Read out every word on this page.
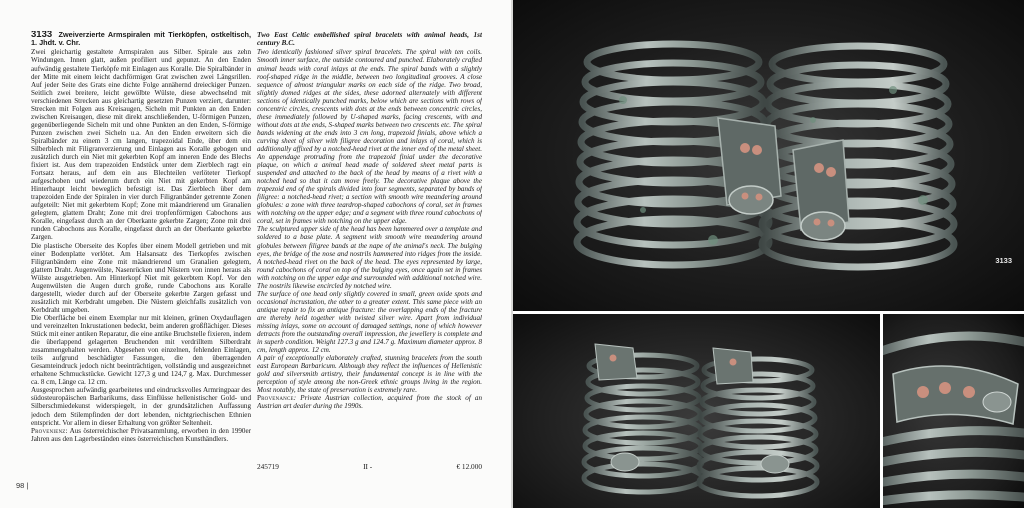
3133 Zweiverzierte Armspiralen mit Tierköpfen, ostkeltisch, 1. Jhdt. v. Chr.
Zwei gleichartig gestaltete Armspiralen aus Silber. Spirale aus zehn Windungen. Innen glatt, außen profiliert und gepunzt. An den Enden aufwändig gestaltete Tierköpfe mit Einlagen aus Koralle. Die Spiralbänder in der Mitte mit einem leicht dachförmigen Grat zwischen zwei Längsrillen. Auf jeder Seite des Grats eine dichte Folge annähernd dreieckiger Punzen. Seitlich zwei breitere, leicht gewölbte Wülste, diese abwechselnd mit verschiedenen Strecken aus gleichartig gesetzten Punzen verziert, darunter: Strecken mit Folgen aus Kreisaugen, Sicheln mit Punkten an den Enden zwischen Kreisaugen, diese mit direkt anschließenden, U-förmigen Punzen, gegenüberliegende Sicheln mit und ohne Punkten an den Enden, S-förmige Punzen zwischen zwei Sicheln u.a. An den Enden erweitern sich die Spiralbänder zu einem 3 cm langen, trapezoidal Ende, über dem ein Silberblech mit Filigranverzierung und Einlagen aus Koralle gebogen und zusätzlich durch ein Niet mit gekerbten Kopf am inneren Ende des Blechs fixiert ist. Aus dem trapezoiden Endstück unter dem Zierblech ragt ein Fortsatz heraus, auf dem ein aus Blechteilen verlöteter Tierkopf aufgeschoben und wiederum durch ein Niet mit gekerbten Kopf am Hinterhaupt leicht beweglich befestigt ist. Das Zierblech über dem trapezoiden Ende der Spiralen in vier durch Filigranbänder getrennte Zonen aufgeteilt: Niet mit gekerbtem Kopf; Zone mit mäandrierend um Granalien gelegtem, glattem Draht; Zone mit drei tropfenförmigen Cabochons aus Koralle, eingefasst durch an der Oberkante gekerbte Zargen; Zone mit drei runden Cabochons aus Koralle, eingefasst durch an der Oberkante gekerbte Zargen.
Die plastische Oberseite des Kopfes über einem Modell getrieben und mit einer Bodenplatte verlötet. Am Halsansatz des Tierkopfes zwischen Filigranbändern eine Zone mit mäandrierend um Granalien gelegtem, glattem Draht. Augenwülste, Nasenrücken und Nüstern von innen heraus als Wülste ausgetrieben. Am Hinterkopf Niet mit gekerbtem Kopf. Vor den Augenwülsten die Augen durch große, runde Cabochons aus Koralle dargestellt, wieder durch auf der Oberseite gekerbte Zargen gefasst und zusätzlich mit Kerbdraht umgeben. Die Nüstern gleichfalls zusätzlich von Kerbdraht umgeben.
Die Oberfläche bei einem Exemplar nur mit kleinen, grünen Oxydauflagen und vereinzelten Inkrustationen bedeckt, beim anderen großflächiger. Dieses Stück mit einer antiken Reparatur, die eine antike Bruchstelle fixieren, indem die überlappend gelagerten Bruchenden mit verdrilltem Silberdraht zusammengehalten werden. Abgesehen von einzelnen, fehlenden Einlagen, teils aufgrund beschädigter Fassungen, die den überragenden Gesamteindruck jedoch nicht beeinträchtigen, vollständig und ausgezeichnet erhaltene Schmuckstücke. Gewicht 127,3 g und 124,7 g. Max. Durchmesser ca. 8 cm, Länge ca. 12 cm.
Ausgesprochen aufwändig gearbeitetes und eindrucksvolles Armringpaar des südosteuropäischen Barbarikums, dass Einflüsse hellenistischer Gold- und Silberschmiedekunst widerspiegelt, in der grundsätzlichen Auffassung jedoch dem Stilempfinden der dort lebenden, nichtgriechischen Ethnien entspricht. Vor allem in dieser Erhaltung von größter Seltenheit.
Provenienz: Aus österreichischer Privatsammlung, erworben in den 1990er Jahren aus den Lagerbeständen eines österreichischen Kunsthändlers.
Two East Celtic embellished spiral bracelets with animal heads, 1st century B.C.
Two identically fashioned silver spiral bracelets. The spiral with ten coils. Smooth inner surface, the outside contoured and punched. Elaborately crafted animal heads with coral inlays at the ends. The spiral bands with a slightly roof-shaped ridge in the middle, between two longitudinal grooves. A close sequence of almost triangular marks on each side of the ridge. Two broad, slightly domed ridges at the sides, these adorned alternately with different sections of identically punched marks, below which are sections with rows of concentric circles, crescents with dots at the ends between concentric circles, these immediately followed by U-shaped marks, facing crescents, with and without dots at the ends, S-shaped marks between two crescents etc. The spiral bands widening at the ends into 3 cm long, trapezoid finials, above which a curving sheet of silver with filigree decoration and inlays of coral, which is additionally affixed by a notched-head rivet at the inner end of the metal sheet. An appendage protruding from the trapezoid finial under the decorative plaque, on which a animal head made of soldered sheet metal parts is suspended and attached to the back of the head by means of a rivet with a notched head so that it can move freely. The decorative plaque above the trapezoid end of the spirals divided into four segments, separated by bands of filigree: a notched-head rivet; a section with smooth wire meandering around globules: a zone with three teardrop-shaped cabochons of coral, set in frames with notching on the upper edge; and a segment with three round cabochons of coral, set in frames with notching on the upper edge.
The sculptured upper side of the head has been hammered over a template and soldered to a base plate. A segment with smooth wire meandering around globules between filigree bands at the nape of the animal's neck. The bulging eyes, the bridge of the nose and nostrils hammered into ridges from the inside. A notched-head rivet on the back of the head. The eyes represented by large, round cabochons of coral on top of the bulging eyes, once again set in frames with notching on the upper edge and surrounded with additional notched wire. The nostrils likewise encircled by notched wire.
The surface of one head only slightly covered in small, green oxide spots and occasional incrustation, the other to a greater extent. This same piece with an antique repair to fix an antique fracture: the overlapping ends of the fracture are thereby held together with twisted silver wire. Apart from individual missing inlays, some on account of damaged settings, none of which however detracts from the outstanding overall impression, the jewellery is complete and in superb condition. Weight 127.3 g and 124.7 g. Maximum diameter approx. 8 cm, length approx. 12 cm.
A pair of exceptionally elaborately crafted, stunning bracelets from the south east European Barbaricum. Although they reflect the influences of Hellenistic gold and silversmith artistry, their fundamental concept is in line with the perception of style among the non-Greek ethnic groups living in the region. Most notably, the state of preservation is extremely rare.
Provenance: Private Austrian collection, acquired from the stock of an Austrian art dealer during the 1990s.
245719	II -	€ 12.000
98 |
3133
